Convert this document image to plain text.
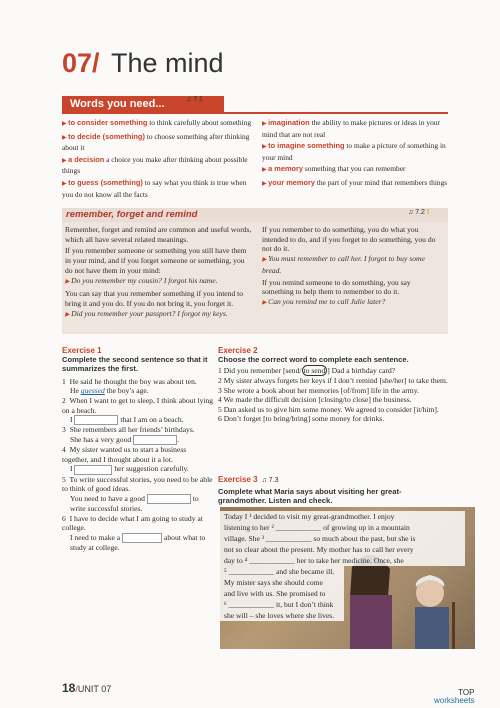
07/ The mind
Words you need...	♫ 7.1
▶ to consider something to think carefully about something
▶ to decide (something) to choose something after thinking about it
▶ a decision a choice you make after thinking about possible things
▶ to guess (something) to say what you think is true when you do not know all the facts
▶ imagination the ability to make pictures or ideas in your mind that are not real
▶ to imagine something to make a picture of something in your mind
▶ a memory something that you can remember
▶ your memory the part of your mind that remembers things
remember, forget and remind	♫ 7.2 !
Remember, forget and remind are common and useful words, which all have several related meanings.
If you remember someone or something you still have them in your mind, and if you forget someone or something, you do not have them in your mind:
▶ Do you remember my cousin? I forgot his name.
You can say that you remember something if you intend to bring it and you do. If you do not bring it, you forget it.
▶ Did you remember your passport? I forgot my keys.
If you remember to do something, you do what you intended to do, and if you forget to do something, you do not do it.
▶ You must remember to call her. I forgot to buy some bread.
If you remind someone to do something, you say something to help them to remember to do it.
▶ Can you remind me to call Julie later?
Exercise 1
Complete the second sentence so that it summarizes the first.
1 He said he thought the boy was about ten.
He guessed the boy’s age.
2 When I want to get to sleep, I think about lying on a beach.
I	that I am on a beach.
3 She remembers all her friends’ birthdays.
She has a very good	.
4 My sister wanted us to start a business together, and I thought about it a lot.
I	her suggestion carefully.
5 To write successful stories, you need to be able to think of good ideas.
You need to have a good	to write successful stories.
6 I have to decide what I am going to study at college.
I need to make a	about what to study at college.
Exercise 2
Choose the correct word to complete each sentence.
1 Did you remember [send/ to send ] Dad a birthday card?
2 My sister always forgets her keys if I don’t remind [she/her] to take them.
3 She wrote a book about her memories [of/from] life in the army.
4 We made the difficult decision [closing/to close] the business.
5 Dan asked us to give him some money. We agreed to consider [it/him].
6 Don’t forget [to bring/bring] some money for drinks.
Exercise 3 ♫ 7.3
Complete what Maria says about visiting her great-grandmother. Listen and check.
Today I ¹ decided to visit my great-grandmother. I enjoy
listening to her ² ____________ of growing up in a mountain
village. She ³ ____________ so much about the past, but she is
not so clear about the present. My mother has to call her every
day to ⁴ ____________ her to take her medicine. Once, she
⁵ ____________ and she became ill.
My mister says she should come
and live with us. She promised to
⁶ ____________ it, but I don’t think
she will – she loves where she lives.
18/UNIT 07	TOP
worksheets
